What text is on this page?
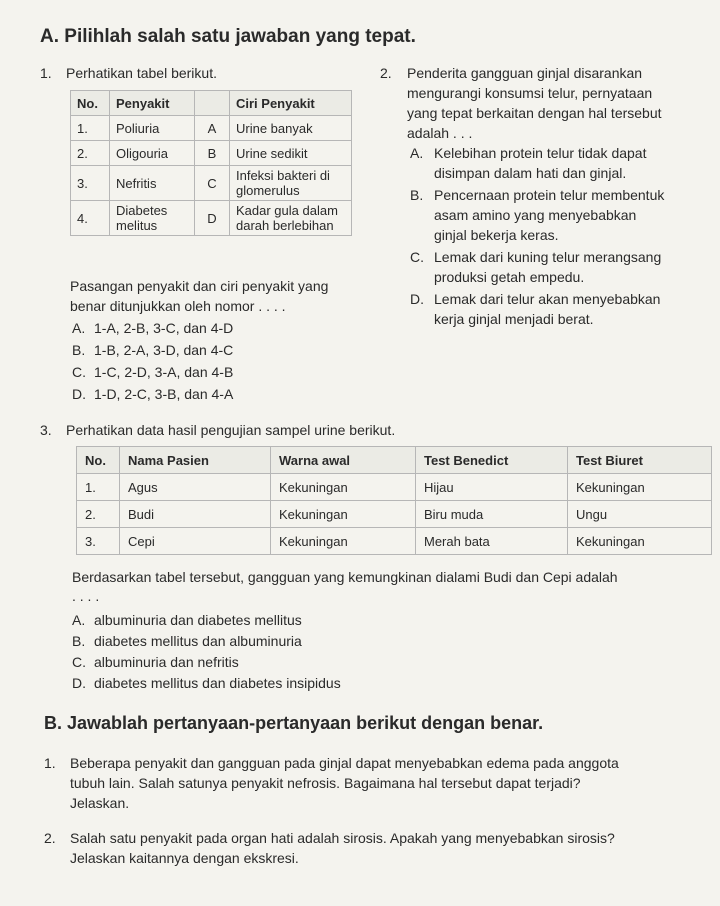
A. Pilihlah salah satu jawaban yang tepat.
1. Perhatikan tabel berikut.
No.	Penyakit		Ciri Penyakit
1.	Poliuria	A	Urine banyak
2.	Oligouria	B	Urine sedikit
3.	Nefritis	C	Infeksi bakteri di glomerulus
4.	Diabetes melitus	D	Kadar gula dalam darah berlebihan
Pasangan penyakit dan ciri penyakit yang
benar ditunjukkan oleh nomor . . . .
A. 1-A, 2-B, 3-C, dan 4-D
B. 1-B, 2-A, 3-D, dan 4-C
C. 1-C, 2-D, 3-A, dan 4-B
D. 1-D, 2-C, 3-B, dan 4-A
2. Penderita gangguan ginjal disarankan
mengurangi konsumsi telur, pernyataan
yang tepat berkaitan dengan hal tersebut
adalah . . .
A. Kelebihan protein telur tidak dapat
disimpan dalam hati dan ginjal.
B. Pencernaan protein telur membentuk
asam amino yang menyebabkan
ginjal bekerja keras.
C. Lemak dari kuning telur merangsang
produksi getah empedu.
D. Lemak dari telur akan menyebabkan
kerja ginjal menjadi berat.
3. Perhatikan data hasil pengujian sampel urine berikut.
No.	Nama Pasien	Warna awal	Test Benedict	Test Biuret
1.	Agus	Kekuningan	Hijau	Kekuningan
2.	Budi	Kekuningan	Biru muda	Ungu
3.	Cepi	Kekuningan	Merah bata	Kekuningan
Berdasarkan tabel tersebut, gangguan yang kemungkinan dialami Budi dan Cepi adalah
. . . .
A. albuminuria dan diabetes mellitus
B. diabetes mellitus dan albuminuria
C. albuminuria dan nefritis
D. diabetes mellitus dan diabetes insipidus
B. Jawablah pertanyaan-pertanyaan berikut dengan benar.
1. Beberapa penyakit dan gangguan pada ginjal dapat menyebabkan edema pada anggota
tubuh lain. Salah satunya penyakit nefrosis. Bagaimana hal tersebut dapat terjadi?
Jelaskan.
2. Salah satu penyakit pada organ hati adalah sirosis. Apakah yang menyebabkan sirosis?
Jelaskan kaitannya dengan ekskresi.
